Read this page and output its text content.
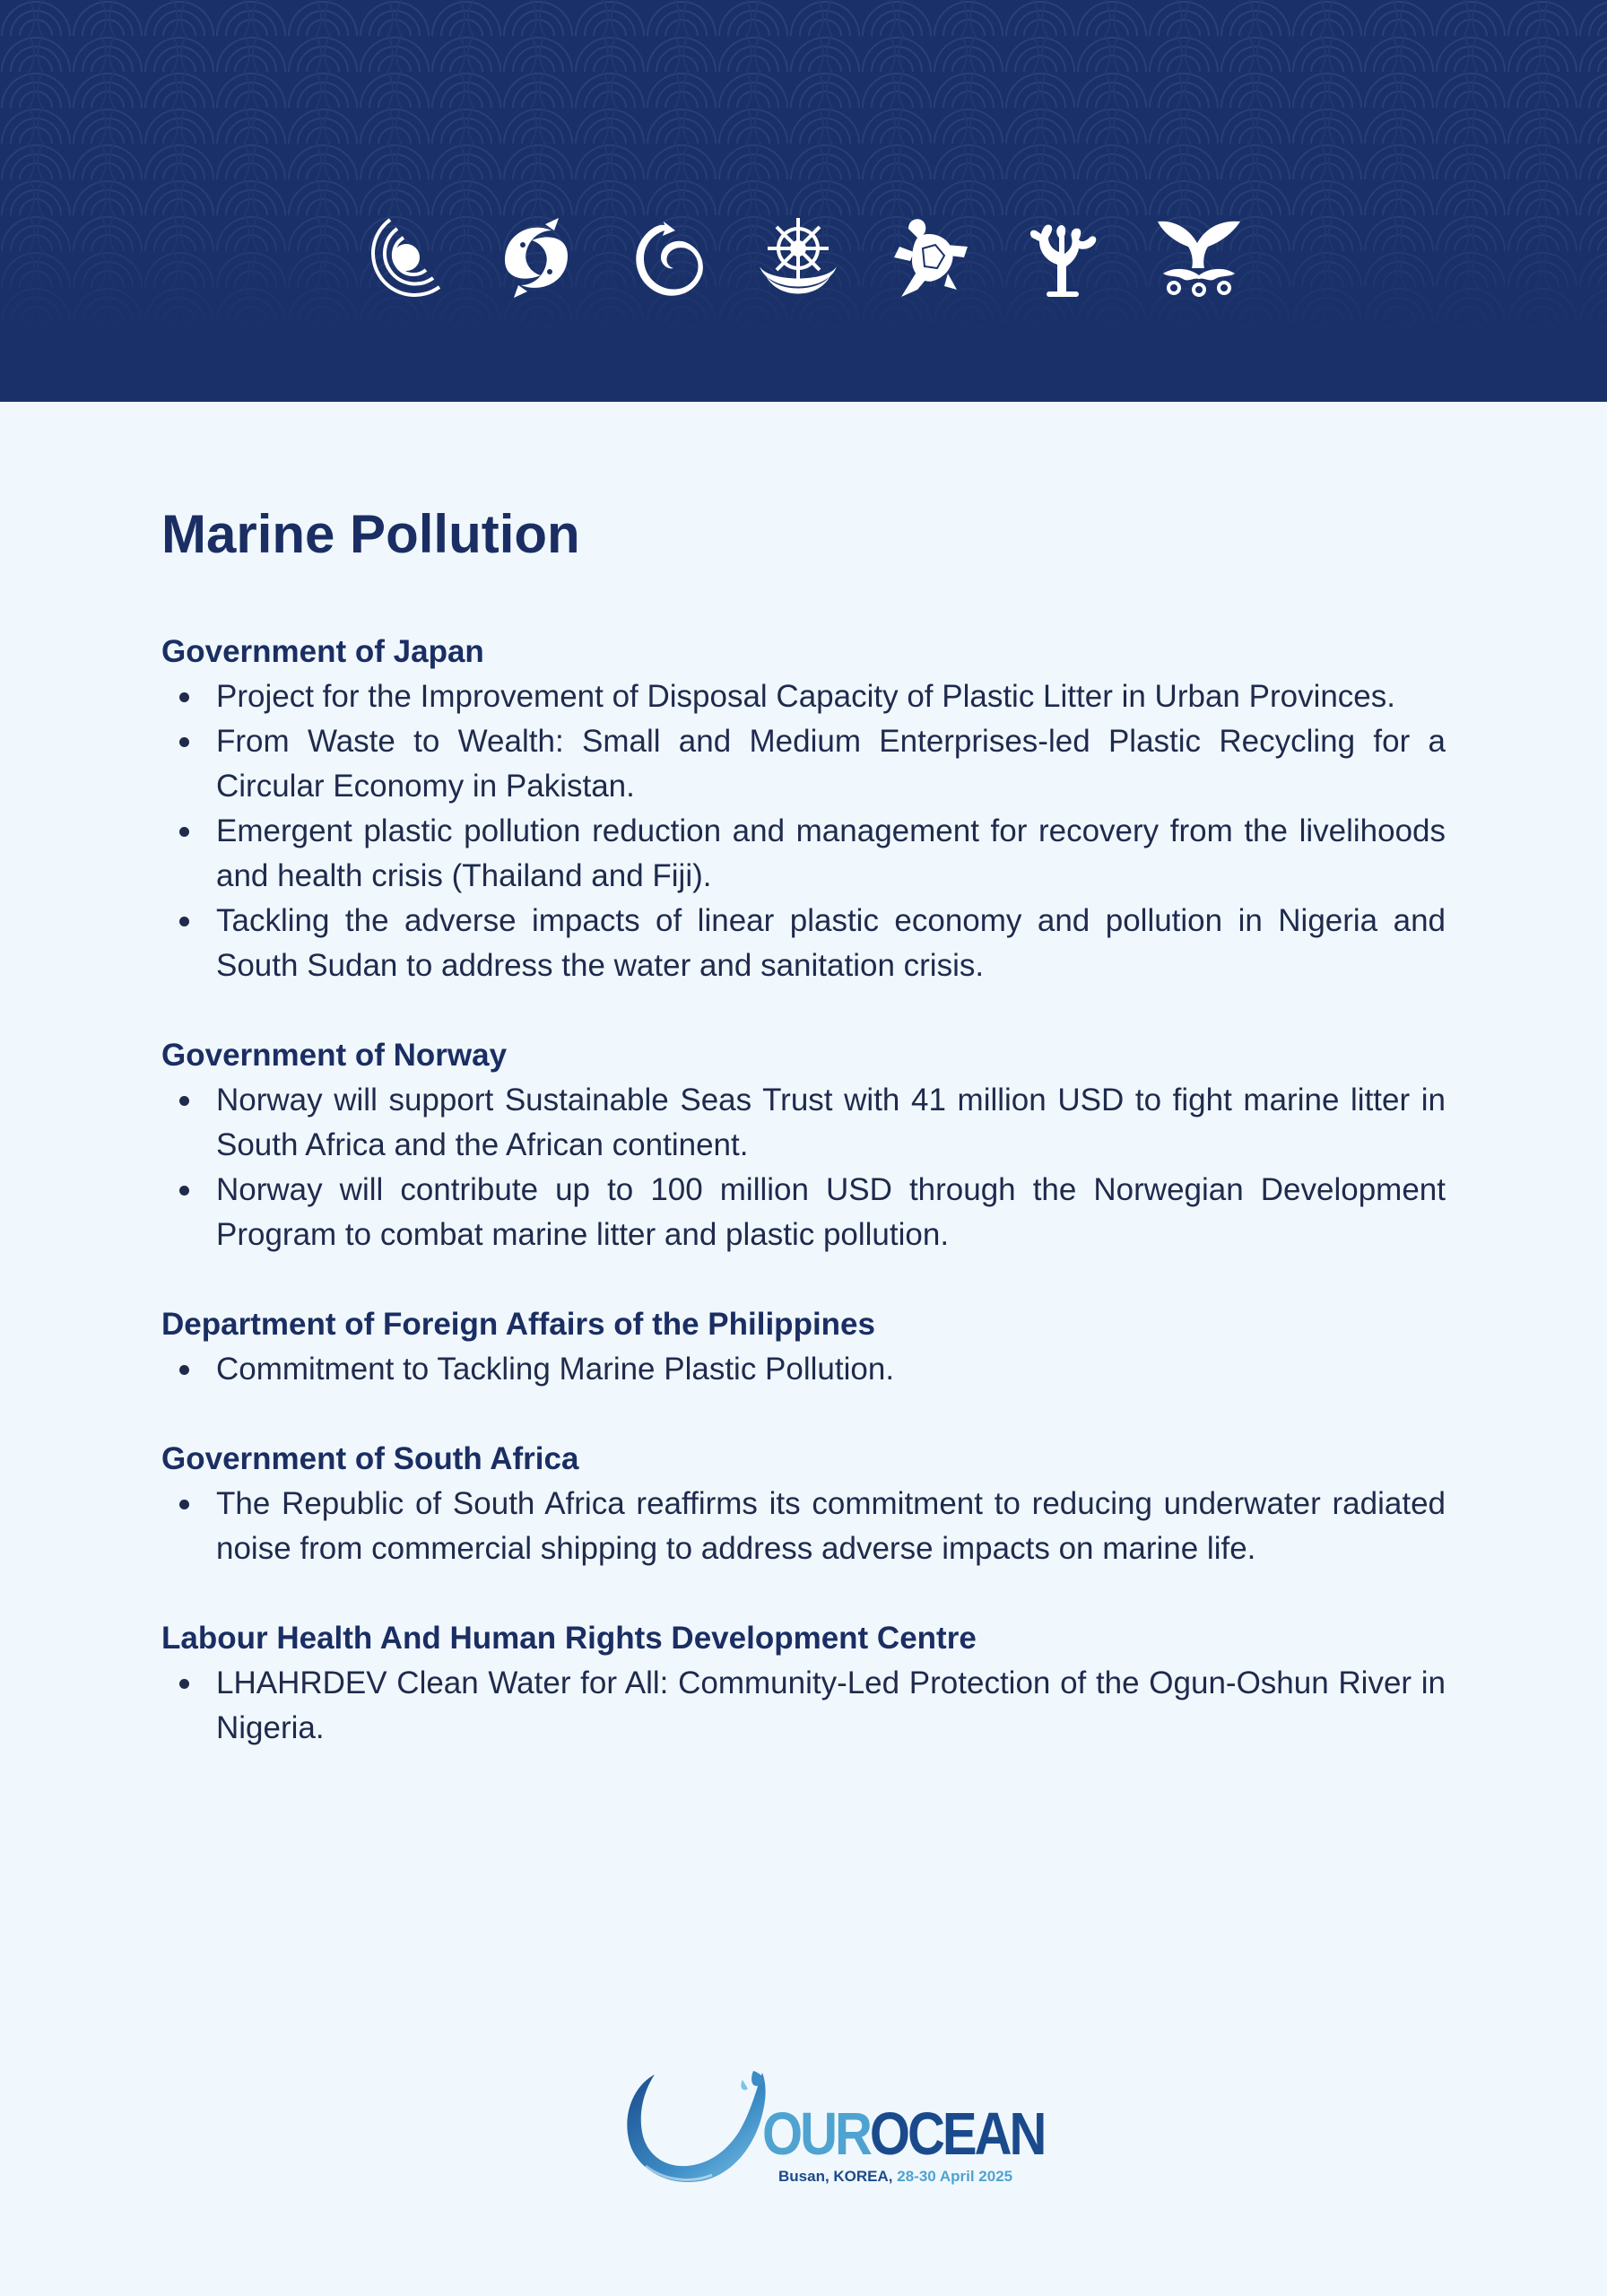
Marine Pollution
Government of Japan
Project for the Improvement of Disposal Capacity of Plastic Litter in Urban Provinces.
From Waste to Wealth: Small and Medium Enterprises-led Plastic Recycling for a Circular Economy in Pakistan.
Emergent plastic pollution reduction and management for recovery from the livelihoods and health crisis (Thailand and Fiji).
Tackling the adverse impacts of linear plastic economy and pollution in Nigeria and South Sudan to address the water and sanitation crisis.
Government of Norway
Norway will support Sustainable Seas Trust with 41 million USD to fight marine litter in South Africa and the African continent.
Norway will contribute up to 100 million USD through the Norwegian Development Program to combat marine litter and plastic pollution.
Department of Foreign Affairs of the Philippines
Commitment to Tackling Marine Plastic Pollution.
Government of South Africa
The Republic of South Africa reaffirms its commitment to reducing underwater radiated noise from commercial shipping to address adverse impacts on marine life.
Labour Health And Human Rights Development Centre
LHAHRDEV Clean Water for All: Community-Led Protection of the Ogun-Oshun River in Nigeria.
OUROCEAN
Busan, KOREA, 28-30 April 2025
